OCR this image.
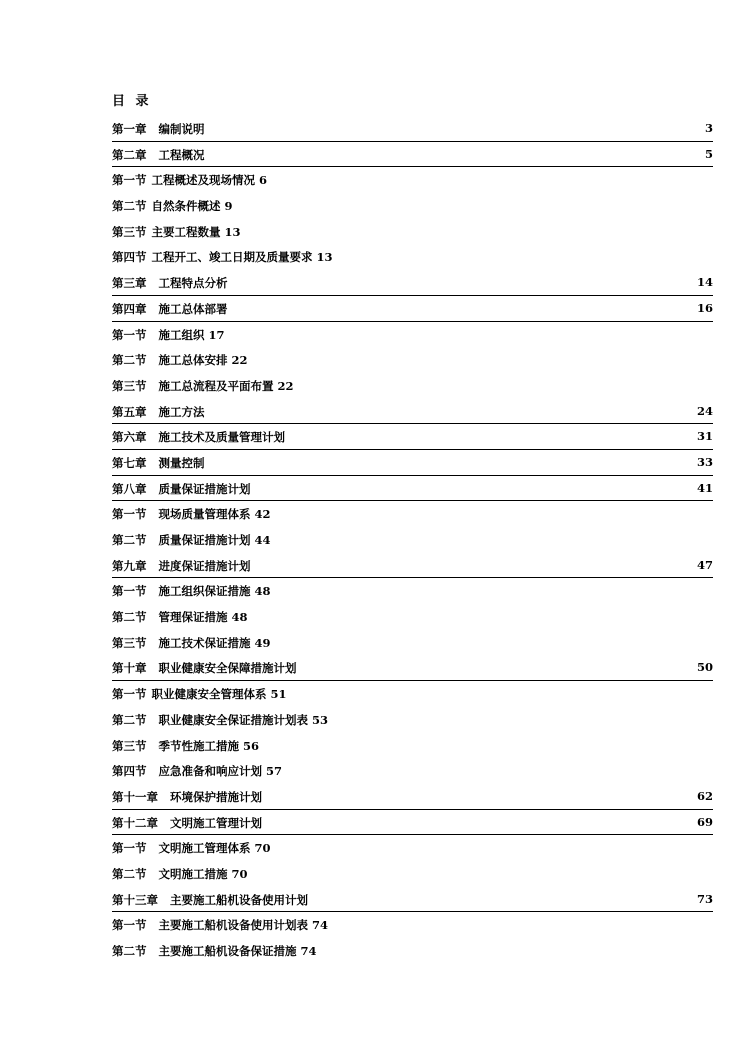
目 录
第一章 编制说明	3
第二章 工程概况	5
第一节 工程概述及现场情况 6
第二节 自然条件概述 9
第三节 主要工程数量 13
第四节 工程开工、竣工日期及质量要求 13
第三章 工程特点分析	14
第四章 施工总体部署	16
第一节 施工组织 17
第二节 施工总体安排 22
第三节 施工总流程及平面布置 22
第五章 施工方法	24
第六章 施工技术及质量管理计划	31
第七章 测量控制	33
第八章 质量保证措施计划	41
第一节 现场质量管理体系 42
第二节 质量保证措施计划 44
第九章 进度保证措施计划	47
第一节 施工组织保证措施 48
第二节 管理保证措施 48
第三节 施工技术保证措施 49
第十章 职业健康安全保障措施计划	50
第一节 职业健康安全管理体系 51
第二节 职业健康安全保证措施计划表 53
第三节 季节性施工措施 56
第四节 应急准备和响应计划 57
第十一章 环境保护措施计划	62
第十二章 文明施工管理计划	69
第一节 文明施工管理体系 70
第二节 文明施工措施 70
第十三章 主要施工船机设备使用计划	73
第一节 主要施工船机设备使用计划表 74
第二节 主要施工船机设备保证措施 74
